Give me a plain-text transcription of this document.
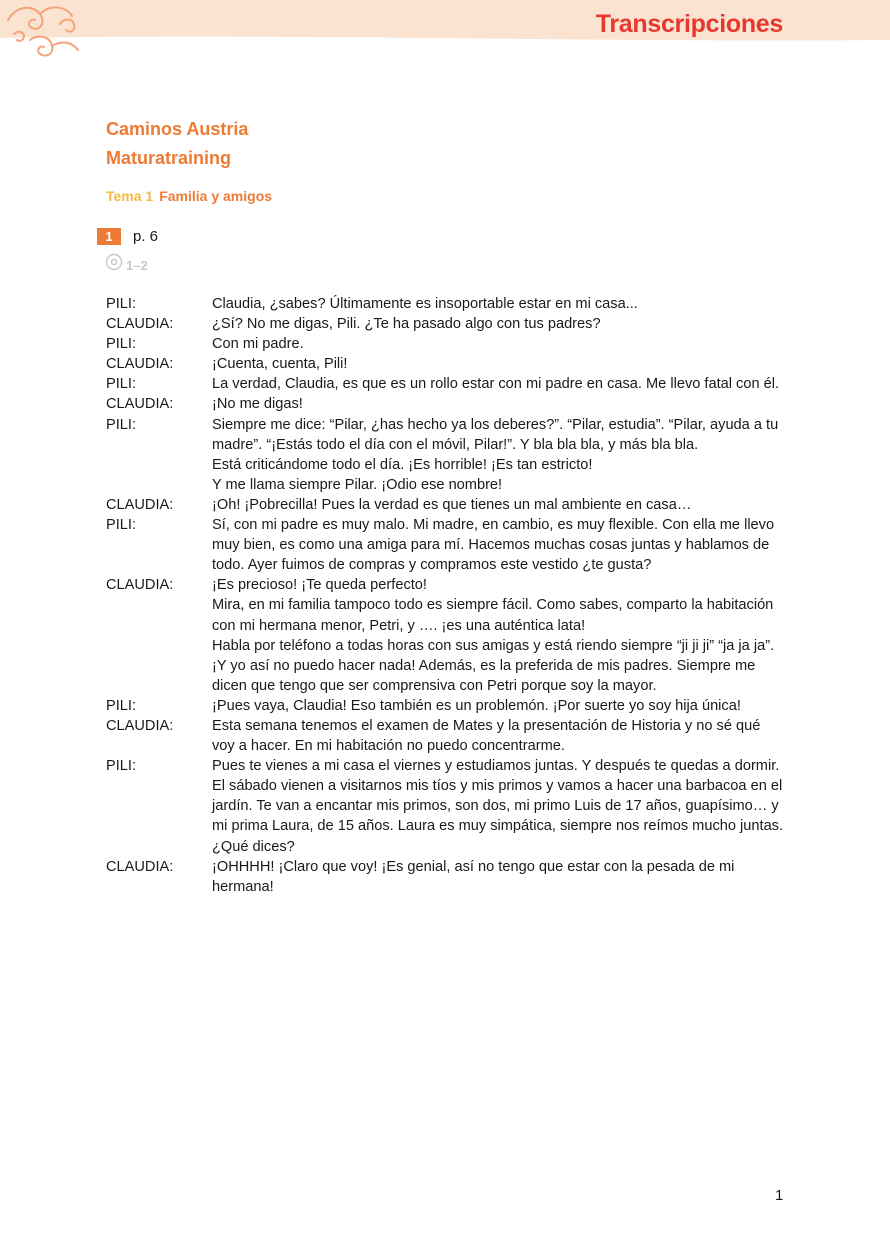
Transcripciones
Caminos Austria
Maturatraining
Tema 1 Familia y amigos
1	p. 6
1–2
PILI:	Claudia, ¿sabes? Últimamente es insoportable estar en mi casa...
CLAUDIA:	¿Sí? No me digas, Pili. ¿Te ha pasado algo con tus padres?
PILI:	Con mi padre.
CLAUDIA:	¡Cuenta, cuenta, Pili!
PILI:	La verdad, Claudia, es que es un rollo estar con mi padre en casa. Me llevo fatal con él.
CLAUDIA:	¡No me digas!
PILI:	Siempre me dice: “Pilar, ¿has hecho ya los deberes?”. “Pilar, estudia”. “Pilar, ayuda a tu madre”. “¡Estás todo el día con el móvil, Pilar!”. Y bla bla bla, y más bla bla.
Está criticándome todo el día. ¡Es horrible! ¡Es tan estricto!
Y me llama siempre Pilar. ¡Odio ese nombre!
CLAUDIA:	¡Oh! ¡Pobrecilla! Pues la verdad es que tienes un mal ambiente en casa…
PILI:	Sí, con mi padre es muy malo. Mi madre, en cambio, es muy flexible. Con ella me llevo muy bien, es como una amiga para mí. Hacemos muchas cosas juntas y hablamos de todo. Ayer fuimos de compras y compramos este vestido ¿te gusta?
CLAUDIA:	¡Es precioso! ¡Te queda perfecto!
Mira, en mi familia tampoco todo es siempre fácil. Como sabes, comparto la habitación con mi hermana menor, Petri, y …. ¡es una auténtica lata!
Habla por teléfono a todas horas con sus amigas y está riendo siempre “ji ji ji” “ja ja ja”. ¡Y yo así no puedo hacer nada! Además, es la preferida de mis padres. Siempre me dicen que tengo que ser comprensiva con Petri porque soy la mayor.
PILI:	¡Pues vaya, Claudia! Eso también es un problemón. ¡Por suerte yo soy hija única!
CLAUDIA:	Esta semana tenemos el examen de Mates y la presentación de Historia y no sé qué voy a hacer. En mi habitación no puedo concentrarme.
PILI:	Pues te vienes a mi casa el viernes y estudiamos juntas. Y después te quedas a dormir. El sábado vienen a visitarnos mis tíos y mis primos y vamos a hacer una barbacoa en el jardín. Te van a encantar mis primos, son dos, mi primo Luis de 17 años, guapísimo… y mi prima Laura, de 15 años. Laura es muy simpática, siempre nos reímos mucho juntas. ¿Qué dices?
CLAUDIA:	¡OHHHH! ¡Claro que voy! ¡Es genial, así no tengo que estar con la pesada de mi hermana!
1
